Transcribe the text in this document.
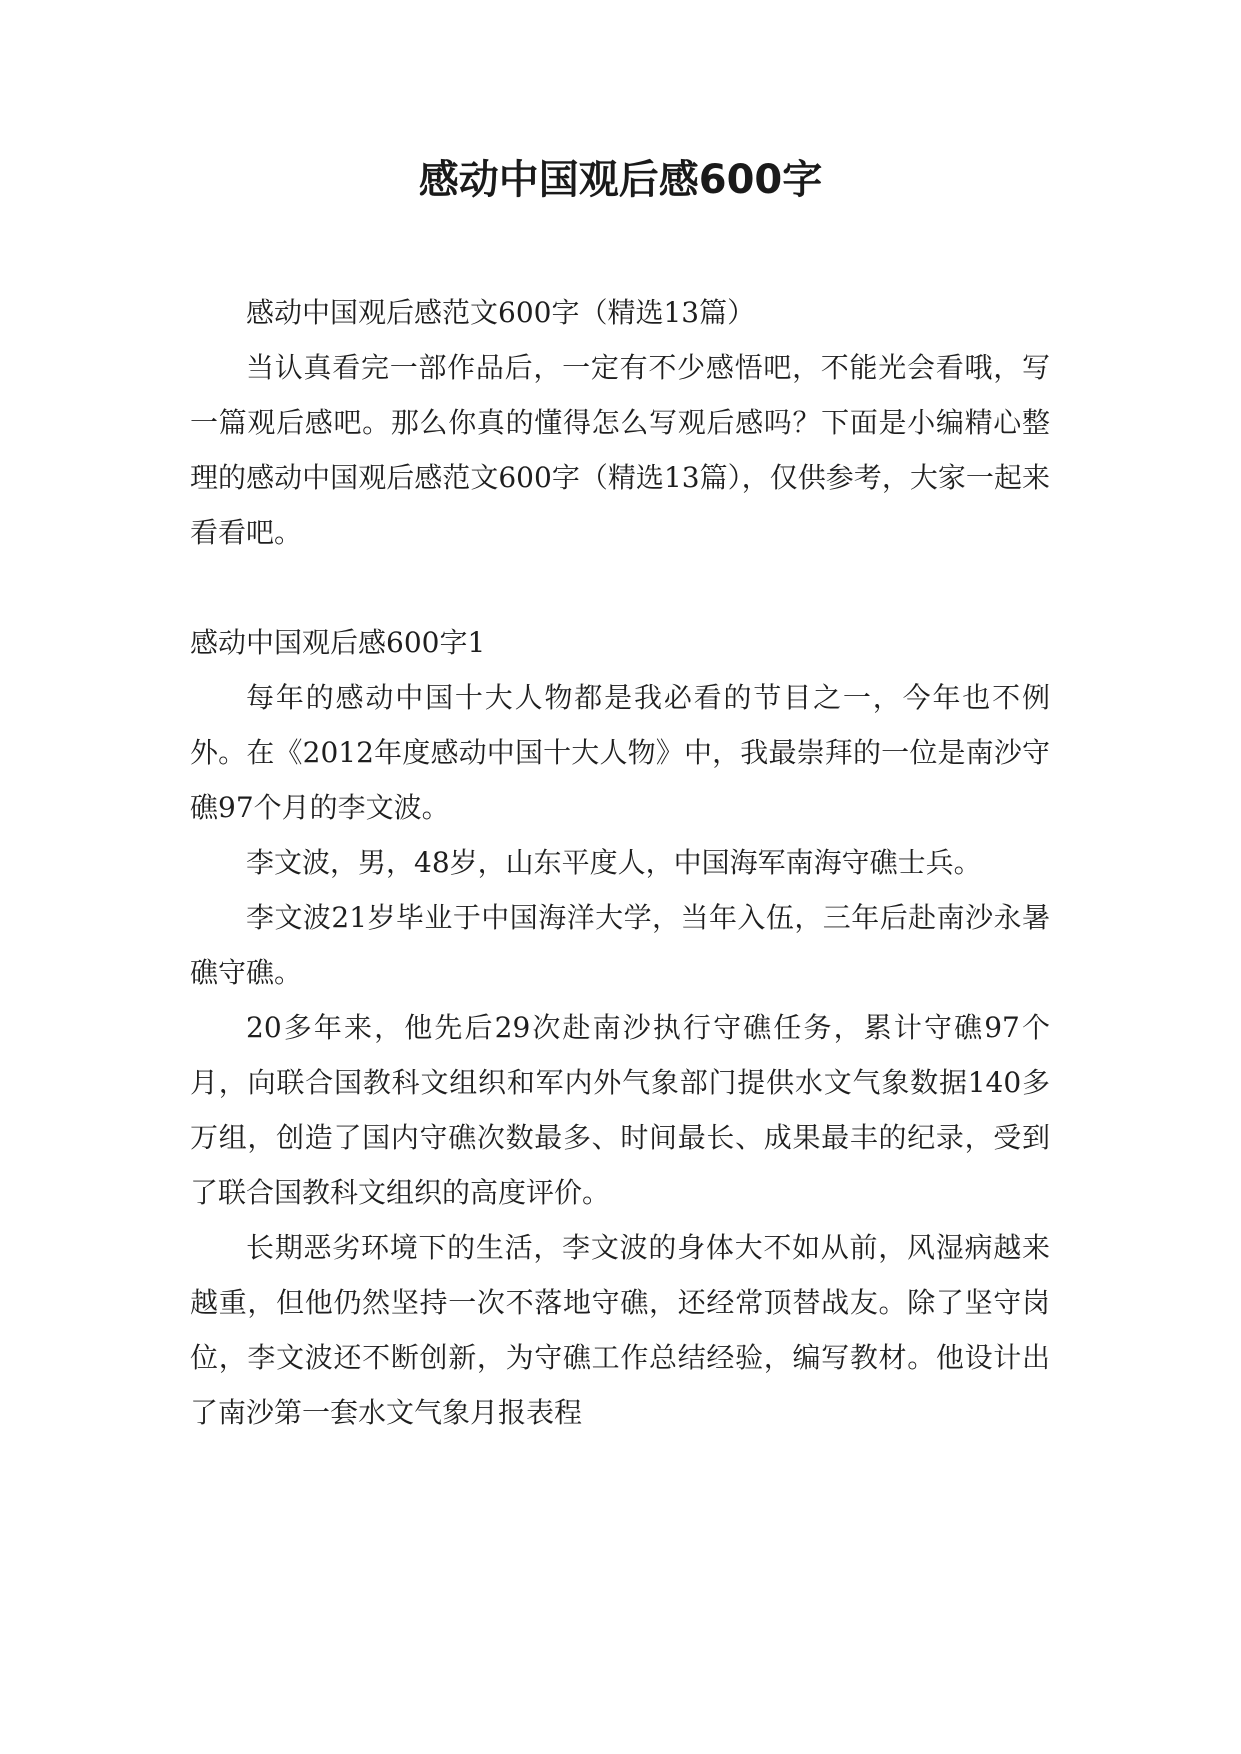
感动中国观后感600字

感动中国观后感范文600字（精选13篇）

当认真看完一部作品后，一定有不少感悟吧，不能光会看哦，写一篇观后感吧。那么你真的懂得怎么写观后感吗？下面是小编精心整理的感动中国观后感范文600字（精选13篇），仅供参考，大家一起来看看吧。

感动中国观后感600字1

每年的感动中国十大人物都是我必看的节目之一，今年也不例外。在《2012年度感动中国十大人物》中，我最崇拜的一位是南沙守礁97个月的李文波。

李文波，男，48岁，山东平度人，中国海军南海守礁士兵。

李文波21岁毕业于中国海洋大学，当年入伍，三年后赴南沙永暑礁守礁。

20多年来，他先后29次赴南沙执行守礁任务，累计守礁97个月，向联合国教科文组织和军内外气象部门提供水文气象数据140多万组，创造了国内守礁次数最多、时间最长、成果最丰的纪录，受到了联合国教科文组织的高度评价。

长期恶劣环境下的生活，李文波的身体大不如从前，风湿病越来越重，但他仍然坚持一次不落地守礁，还经常顶替战友。除了坚守岗位，李文波还不断创新，为守礁工作总结经验，编写教材。他设计出了南沙第一套水文气象月报表程
